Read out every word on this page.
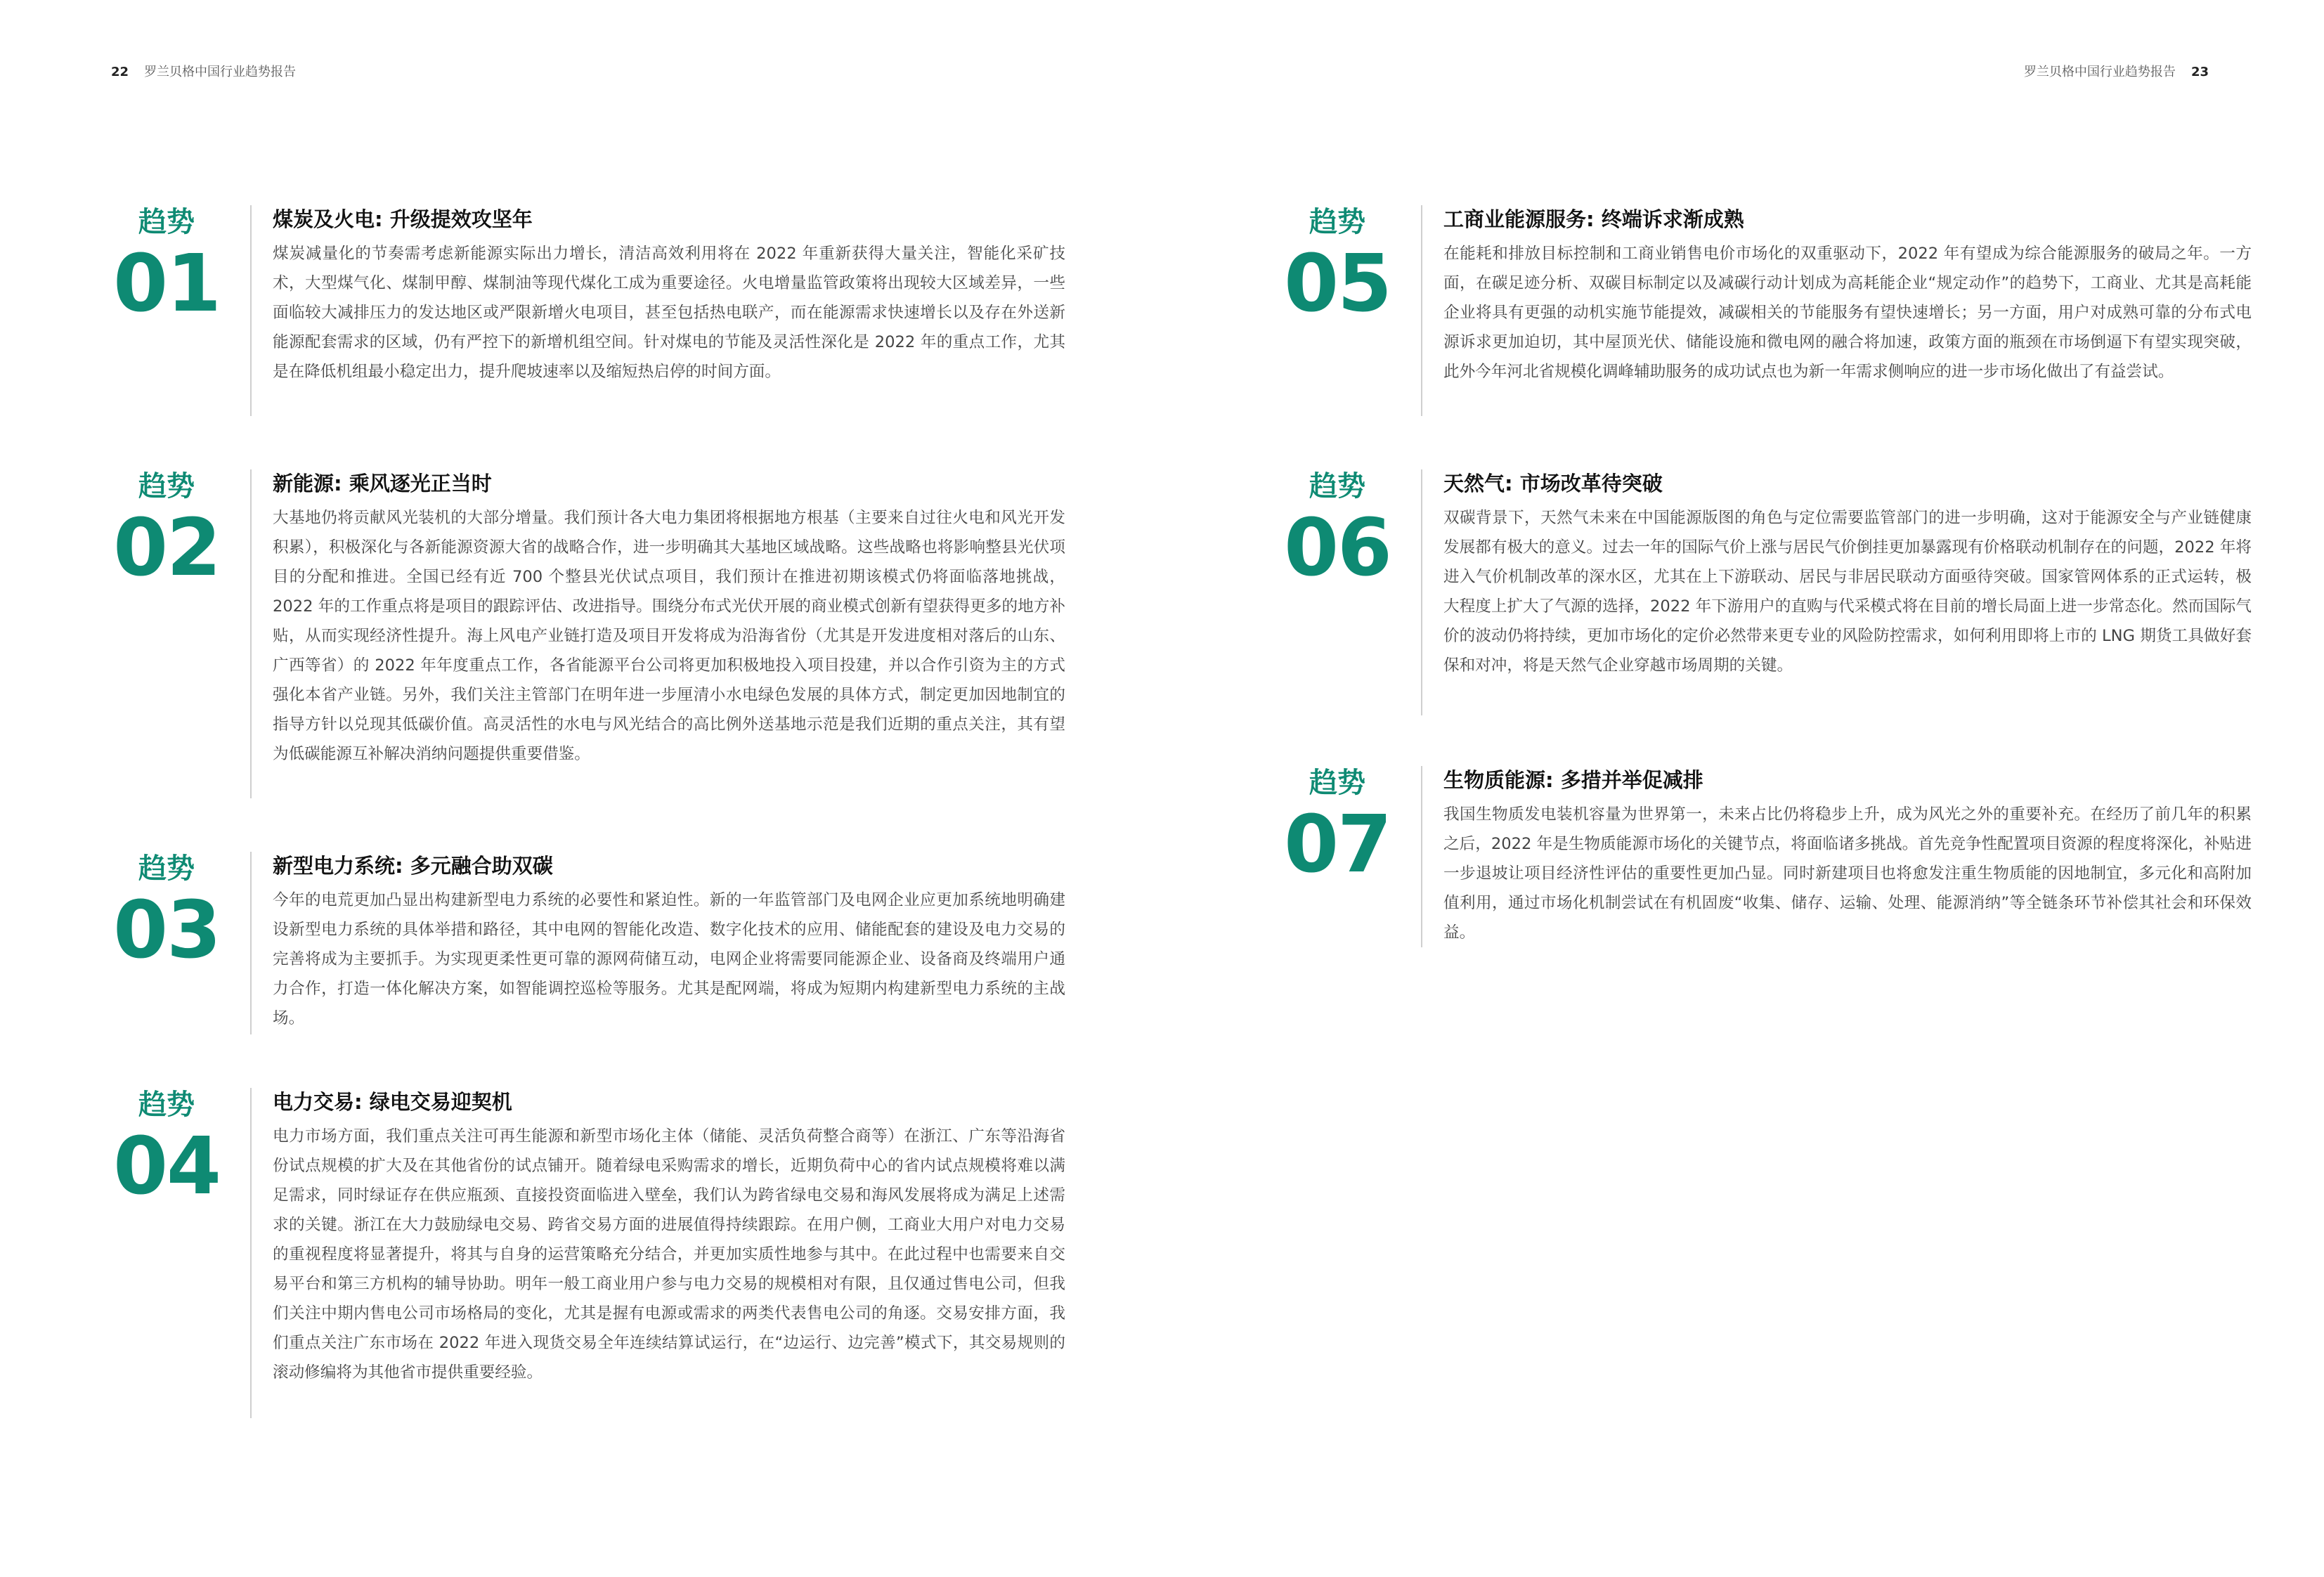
22 罗兰贝格中国行业趋势报告	罗兰贝格中国行业趋势报告 23
趋势
01
煤炭及火电: 升级提效攻坚年

煤炭减量化的节奏需考虑新能源实际出力增长，清洁高效利用将在 2022 年重新获得大量关注，智能化采矿技术，大型煤气化、煤制甲醇、煤制油等现代煤化工成为重要途径。火电增量监管政策将出现较大区域差异，一些面临较大减排压力的发达地区或严限新增火电项目，甚至包括热电联产，而在能源需求快速增长以及存在外送新能源配套需求的区域，仍有严控下的新增机组空间。针对煤电的节能及灵活性深化是 2022 年的重点工作，尤其是在降低机组最小稳定出力，提升爬坡速率以及缩短热启停的时间方面。

趋势
02
新能源: 乘风逐光正当时

大基地仍将贡献风光装机的大部分增量。我们预计各大电力集团将根据地方根基（主要来自过往火电和风光开发积累），积极深化与各新能源资源大省的战略合作，进一步明确其大基地区域战略。这些战略也将影响整县光伏项目的分配和推进。全国已经有近 700 个整县光伏试点项目，我们预计在推进初期该模式仍将面临落地挑战，2022 年的工作重点将是项目的跟踪评估、改进指导。围绕分布式光伏开展的商业模式创新有望获得更多的地方补贴，从而实现经济性提升。海上风电产业链打造及项目开发将成为沿海省份（尤其是开发进度相对落后的山东、广西等省）的 2022 年年度重点工作，各省能源平台公司将更加积极地投入项目投建，并以合作引资为主的方式强化本省产业链。另外，我们关注主管部门在明年进一步厘清小水电绿色发展的具体方式，制定更加因地制宜的指导方针以兑现其低碳价值。高灵活性的水电与风光结合的高比例外送基地示范是我们近期的重点关注，其有望为低碳能源互补解决消纳问题提供重要借鉴。

趋势
03
新型电力系统: 多元融合助双碳

今年的电荒更加凸显出构建新型电力系统的必要性和紧迫性。新的一年监管部门及电网企业应更加系统地明确建设新型电力系统的具体举措和路径，其中电网的智能化改造、数字化技术的应用、储能配套的建设及电力交易的完善将成为主要抓手。为实现更柔性更可靠的源网荷储互动，电网企业将需要同能源企业、设备商及终端用户通力合作，打造一体化解决方案，如智能调控巡检等服务。尤其是配网端，将成为短期内构建新型电力系统的主战场。

趋势
04
电力交易: 绿电交易迎契机

电力市场方面，我们重点关注可再生能源和新型市场化主体（储能、灵活负荷整合商等）在浙江、广东等沿海省份试点规模的扩大及在其他省份的试点铺开。随着绿电采购需求的增长，近期负荷中心的省内试点规模将难以满足需求，同时绿证存在供应瓶颈、直接投资面临进入壁垒，我们认为跨省绿电交易和海风发展将成为满足上述需求的关键。浙江在大力鼓励绿电交易、跨省交易方面的进展值得持续跟踪。在用户侧，工商业大用户对电力交易的重视程度将显著提升，将其与自身的运营策略充分结合，并更加实质性地参与其中。在此过程中也需要来自交易平台和第三方机构的辅导协助。明年一般工商业用户参与电力交易的规模相对有限，且仅通过售电公司，但我们关注中期内售电公司市场格局的变化，尤其是握有电源或需求的两类代表售电公司的角逐。交易安排方面，我们重点关注广东市场在 2022 年进入现货交易全年连续结算试运行，在“边运行、边完善”模式下，其交易规则的滚动修编将为其他省市提供重要经验。

趋势
05
工商业能源服务: 终端诉求渐成熟

在能耗和排放目标控制和工商业销售电价市场化的双重驱动下，2022 年有望成为综合能源服务的破局之年。一方面，在碳足迹分析、双碳目标制定以及减碳行动计划成为高耗能企业“规定动作”的趋势下，工商业、尤其是高耗能企业将具有更强的动机实施节能提效，减碳相关的节能服务有望快速增长；另一方面，用户对成熟可靠的分布式电源诉求更加迫切，其中屋顶光伏、储能设施和微电网的融合将加速，政策方面的瓶颈在市场倒逼下有望实现突破，此外今年河北省规模化调峰辅助服务的成功试点也为新一年需求侧响应的进一步市场化做出了有益尝试。

趋势
06
天然气: 市场改革待突破

双碳背景下，天然气未来在中国能源版图的角色与定位需要监管部门的进一步明确，这对于能源安全与产业链健康发展都有极大的意义。过去一年的国际气价上涨与居民气价倒挂更加暴露现有价格联动机制存在的问题，2022 年将进入气价机制改革的深水区，尤其在上下游联动、居民与非居民联动方面亟待突破。国家管网体系的正式运转，极大程度上扩大了气源的选择，2022 年下游用户的直购与代采模式将在目前的增长局面上进一步常态化。然而国际气价的波动仍将持续，更加市场化的定价必然带来更专业的风险防控需求，如何利用即将上市的 LNG 期货工具做好套保和对冲，将是天然气企业穿越市场周期的关键。

趋势
07
生物质能源: 多措并举促减排

我国生物质发电装机容量为世界第一，未来占比仍将稳步上升，成为风光之外的重要补充。在经历了前几年的积累之后，2022 年是生物质能源市场化的关键节点，将面临诸多挑战。首先竞争性配置项目资源的程度将深化，补贴进一步退坡让项目经济性评估的重要性更加凸显。同时新建项目也将愈发注重生物质能的因地制宜，多元化和高附加值利用，通过市场化机制尝试在有机固废“收集、储存、运输、处理、能源消纳”等全链条环节补偿其社会和环保效益。
